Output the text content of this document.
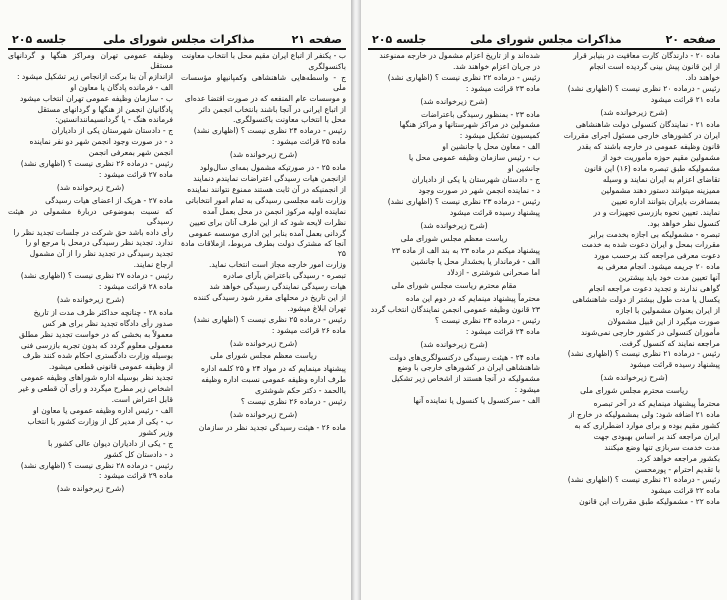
صفحه ۲۱
مذاکرات مجلس شورای ملی
جلسه ۲۰۵
ب - یکنفر از اتباع ایران مقیم محل با انتخاب معاونت
باکنسولگری
ج - واسطه‌هایی شاهنشاهی وکمپانیهاو مؤسسات ملی
و موسسات عام المنفعه که در صورت اقتضا عده‌ای
از اتباع ایرانی در آنجا باشند بانتخاب انجمن دائر
محل با انتخاب معاونت باکنسولگری.
رئیس - درماده ۲۴ نظری نیست ؟ (اظهاری نشد)
ماده ۲۵ قرائت میشود :
(شرح زیرخوانده شد)
ماده ۲۵ - در صورتیکه مشمول بمه‌ای سال‌ولود
ازانجمن هیات رسیدگی اعتراضات نمایندم دنمایند
از انجمنیکه در آن ثابت هستند ممنوع نتوانند نماینده
وزارت نامه مجلسی رسیدگی به تمام امور انتخاباتی
نماینده اولیه مرکوز انجمن در محل بعمل آمده
نظرات لایحه شود که از این طرف آنان برای تعیین
گردانی بعمل آمده بنابر این اداری موسسه عمومی
آنجا که مشترک دولت بطرف مربوط، ازملاقات مادة ۲۵
وزارت امور خارجه مجاز است انتخاب نماید.
تبصره - رسیدگی باعتراض بآرای صادره
هیات رسیدگی نمایندگی رسیدگی خواهد شد
از این تاریخ در محلهای مقرر شود رسیدگی کننده
تهران ابلاغ میشود.
رئیس - درماده ۲۵ نظری نیست ؟ (اظهاری نشد)
ماده ۲۶ قرائت میشود :
(شرح زیرخوانده شد)
ریاست معظم مجلس شورای ملی
پیشنهاد مینمایم که در مواد ۲۴ و ۲۵ کلمه اداره
طرف اداره وظیفه عمومی نسبت اداره وظیفه
باالحمد - دکتر حکم شوشتری
رئیس - درماده ۲۶ نظری نیست ؟
(شرح زیرخوانده شد)
ماده ۲۶ - هیئت رسیدگی تجدید نظر در سازمان
وظیفه عمومی تهران ومراکز هنگها و گردانهای مستقل
ازاندازم آن بنا برکت ازانجاص زیر تشکیل میشود :
الف - فرمانده پادگان یا معاون او
ب - سازمان وظیفه عمومی تهران انتخاب میشود
پادگانیان انجمن از هنگها و گردانهای مستقل
فرمانده هنگ - یا گردانسیمانندانستین:
ج - دادستان شهرستان یکی از دادیاران
د - در صورت وجود انجمن شهر دو نفر نماینده
انجمن شهر بمعرفی انجمن
رئیس - درماده ۲۶ نظری نیست ؟ (اظهاری نشد)
ماده ۲۷ قرائت میشود :
(شرح زیرخوانده شد)
ماده ۲۷ - هریک از اعضای هیات رسیدگی
که نسبت بموضوعی دربارهٔ مشمولی در هیئت رسیدگی
رأی داده باشد حق شرکت در جلسات تجدید نظر را
ندارد. تجدید نظر رسیدگی درمحل با مرجع او را
تجدید رسیدگی در تجدید نظر را از آن مشمول
ارجاع نمایند.
رئیس - درماده ۲۷ نظری نیست ؟ (اظهاری نشد)
ماده ۲۸ قرائت میشود :
(شرح زیرخوانده شد)
ماده ۲۸ - چنانچه حداکثر ظرف مدت از تاریخ
صدور رأی دادگاه تجدید نظر برای هر کس
معمولاً به بخشی که در خواست تجدید نظر مطلق
معمولی معلوم گردد که بدون تجربه بازرسی فنی
بوسیله وزارت دادگستری احکام شده کنند ظرف
از وظیفه عمومی قانونی قطعی میشود.
تجدید نظر بوسیله اداره شوراهای وظیفه عمومی
اشخاص زیر مطرح میگردد و رأی آن قطعی و غیر
قابل اعتراض است.
الف - رئیس اداره وظیفه عمومی یا معاون او
ب - یکی از مدیر کل از وزارت کشور با انتخاب
وزیر کشور
ج - یکی از دادیاران دیوان عالی کشور با
د - دادستان کل کشور
رئیس - درماده ۲۸ نظری نیست ؟ (اظهاری نشد)
ماده ۲۹ قرائت میشود :
(شرح زیرخوانده شد)
صفحه ۲۰
مذاکرات مجلس شورای ملی
جلسه ۲۰۵
ماده ۲۰ - دارندگان کارت معافیت در بنیابر قرار
از این قانون پیش بینی گردیده است انجام
خواهند داد.
رئیس - درماده ۲۰ نظری نیست ؟ (اظهاری نشد)
ماده ۲۱ قرائت میشود
(شرح زیرخوانده شد)
ماده ۲۱ - نمایندگان کنسولی دولت شاهنشاهی
ایران در کشورهای خارجی مسئول اجرای مقررات
قانون وظیفه عمومی در خارجه باشند که بقدر
مشمولین مقیم حوزه مأموریت خود از
مشمولیکه طبق تبصره ماده (۱۶) این قانون
تقاضای اعزام به ایران نمایند و وسیله
ممیزینه میتوانند دستور دهند مشمولین
بمسافرت بایران بتوانند اداره تعیین
نمایند. تعیین نحوه بازرسی تجهیزات و در
کنسول نظر خواهد بود.
تبصره - مشمولیکه بی اجازه بخدمت برابر
مقررات بمحل و ایران دعوت شده به خدمت
دعوت معرفی مراجعه کند برحسب مورد
ماده ۲۰ جریمه میشود. انجام معرفی به
آنها تعیین مدت خود باید بیشترین
گواهی ندارند و تجدید دعوت مراجعه انجام
یکسال یا مدت طول بیشتر از دولت شاهنشاهی
از ایران بعنوان مشمولین با اجازه
صورت میگیرد از این قبیل مشمولان
مأموران کنسولی در کشور خارجی نمی‌شوند
مراجعه نمایند که کنسول گرفت.
رئیس - درماده ۲۱ نظری نیست ؟ (اظهاری نشد)
پیشنهاد رسیده قرائت میشود
(شرح زیرخوانده شد)
ریاست محترم مجلس شورای ملی
محترماً پیشنهاد مینمایم که در آخر تبصره
ماده ۲۱ اضافه شود: ولی بمشمولیکه در خارج از
کشور مقیم بوده و برای موارد اضطراری که به
ایران مراجعه کند بر اساس بهبودی جهت
مدت خدمت سربازی تنها وضع میکنند
بکشور مراجعه خواهد کرد.
با تقدیم احترام - پورمحسن
رئیس - درماده ۲۱ نظری نیست ؟ (اظهاری نشد)
ماده ۲۲ قرائت میشود
ماده ۲۲ - مشمولیکه طبق مقررات این قانون
شده‌اند و از تاریخ اعزام مشمول در خارجه ممنوعند
در جریان اعزام خواهند شد.
رئیس - درماده ۲۲ نظری نیست ؟ (اظهاری نشد)
ماده ۲۳ قرائت میشود :
(شرح زیرخوانده شد)
ماده ۲۳ - بمنظور رسیدگی باعتراضات
مشمولین در مراکز شهرستانها و مراکز هنگها
کمیسیون تشکیل میشود :
الف - معاون محل یا جانشین او
ب - رئیس سازمان وظیفه عمومی محل یا
جانشین او
ج - دادستان شهرستان یا یکی از دادیاران
د - نماینده انجمن شهر در صورت وجود
رئیس - درماده ۲۳ نظری نیست ؟ (اظهاری نشد)
پیشنهاد رسیده قرائت میشود
(شرح زیرخوانده شد)
ریاست معظم مجلس شورای ملی
پیشنهاد میکنم در ماده ۲۳ به بند الف از ماده ۲۳
الف - فرماندار یا بخشدار محل یا جانشین
اما صحرانی شوشتری - ازدلاد
مقام محترم ریاست مجلس شورای ملی
محترماً پیشنهاد مینمایم که در دوم این ماده
۲۳ قانون وظیفه عمومی انجمن نمایندگان انتخاب گردد
رئیس - درماده ۲۳ نظری نیست ؟
ماده ۲۴ قرائت میشود :
(شرح زیرخوانده شد)
ماده ۲۴ - هیئت رسیدگی درکنسولگری‌های دولت
شاهنشاهی ایران در کشورهای خارجی با وضع
مشمولیکه در آنجا هستند از اشخاص زیر تشکیل
میشود :
الف - سرکنسول یا کنسول یا نماینده آنها
